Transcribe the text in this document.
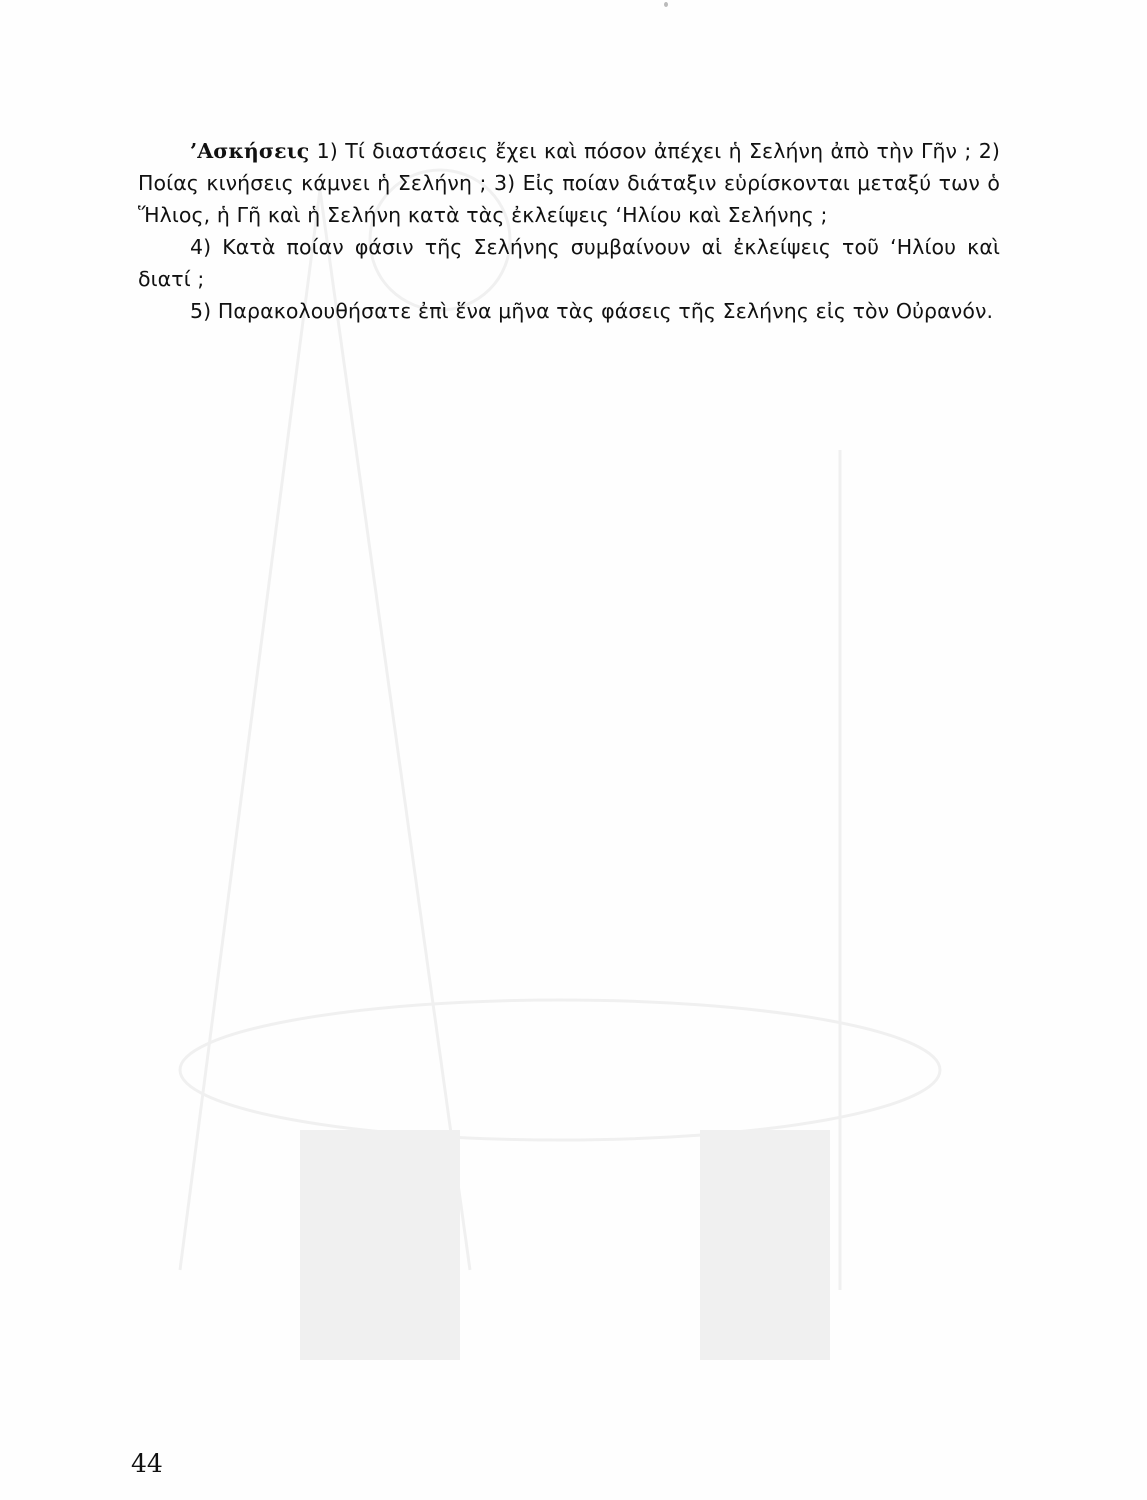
’Ασκήσεις 1) Τί διαστάσεις ἔχει καὶ πόσον ἀπέχει ἡ Σελήνη ἀπὸ τὴν Γῆν ; 2) Ποίας κινήσεις κάμνει ἡ Σελήνη ; 3) Εἰς ποίαν διάταξιν εὑρίσκονται μεταξύ των ὁ Ἥλιος, ἡ Γῆ καὶ ἡ Σελήνη κατὰ τὰς ἐκλείψεις ‘Ηλίου καὶ Σελήνης ;

4) Κατὰ ποίαν φάσιν τῆς Σελήνης συμβαίνουν αἱ ἐκλείψεις τοῦ ‘Ηλίου καὶ διατί ;

5) Παρακολουθήσατε ἐπὶ ἕνα μῆνα τὰς φάσεις τῆς Σελήνης εἰς τὸν Οὐρανόν.

44
